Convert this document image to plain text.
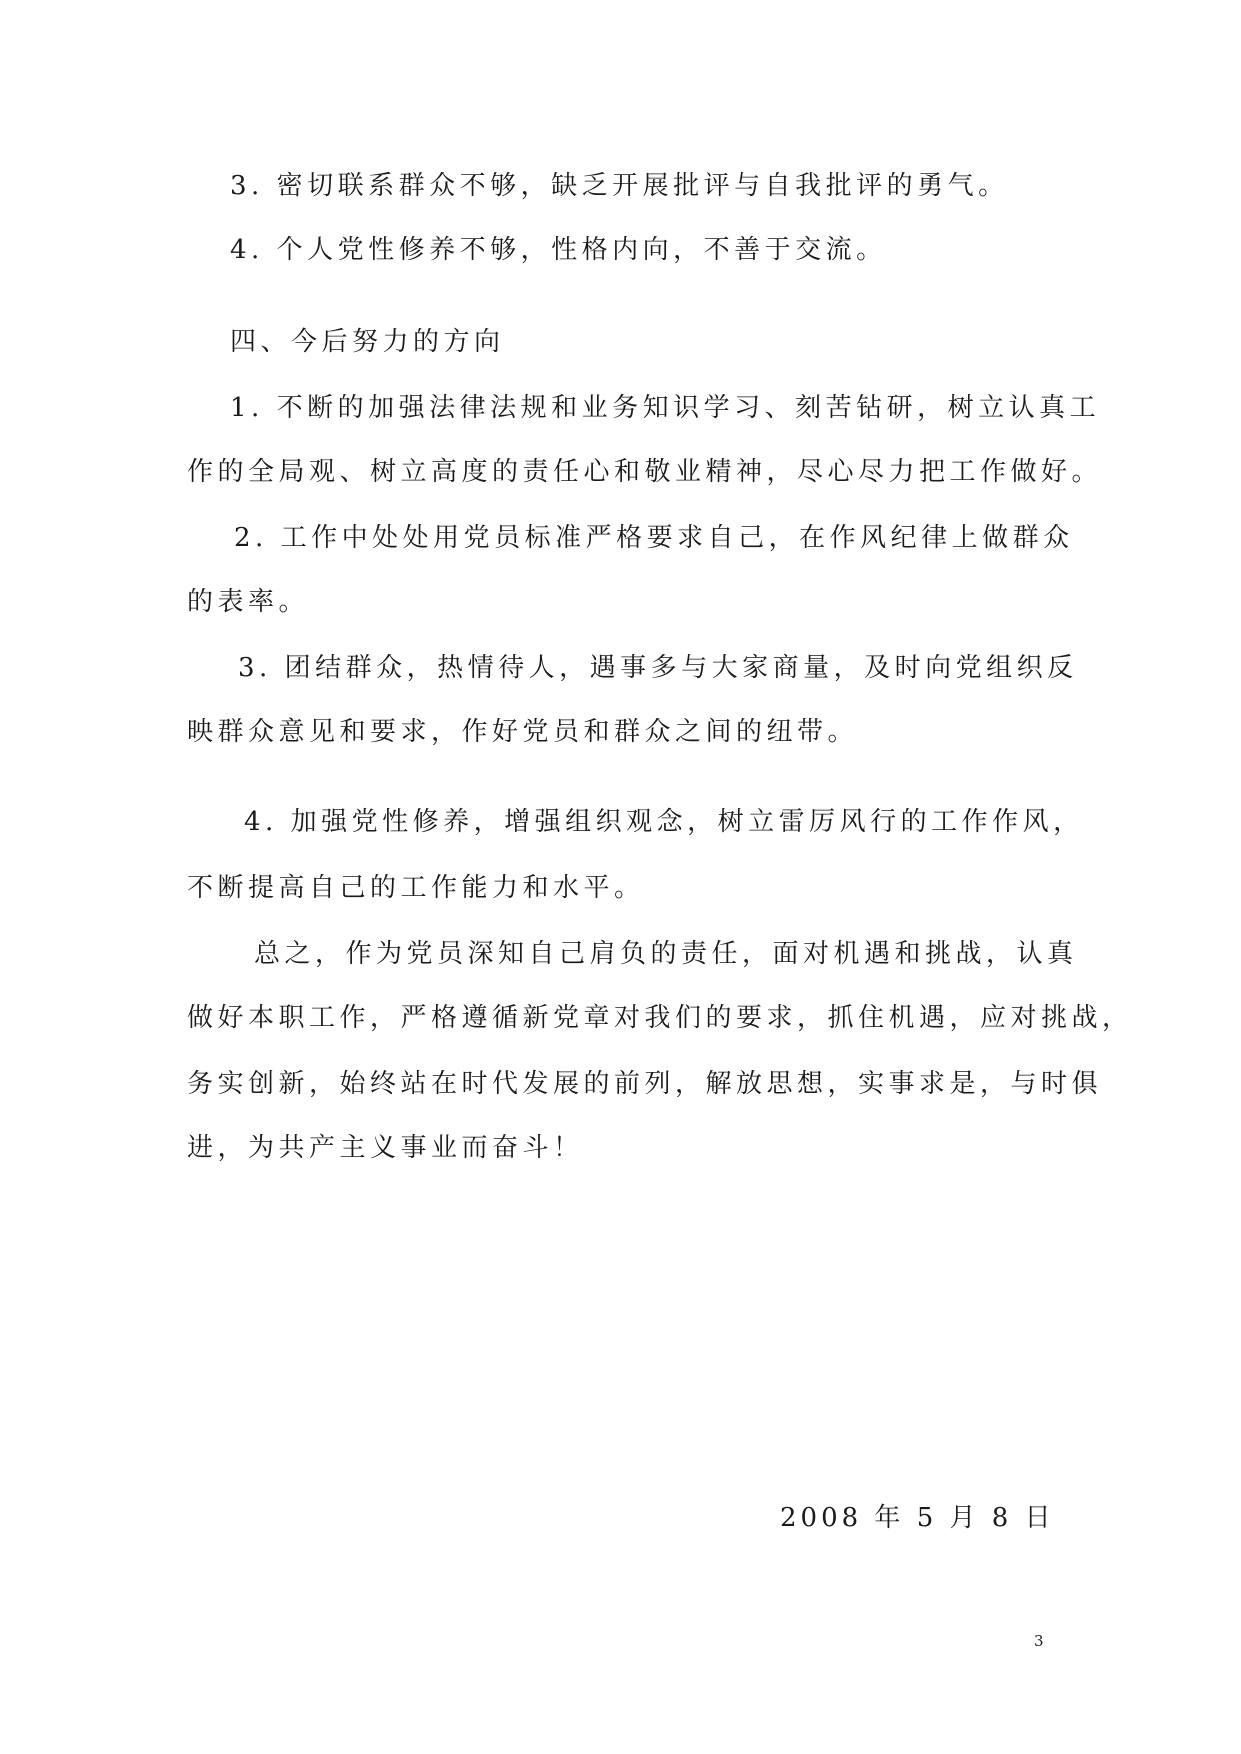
3. 密切联系群众不够，缺乏开展批评与自我批评的勇气。
4. 个人党性修养不够，性格内向，不善于交流。
四、今后努力的方向
1. 不断的加强法律法规和业务知识学习、刻苦钻研，树立认真工
作的全局观、树立高度的责任心和敬业精神，尽心尽力把工作做好。
2. 工作中处处用党员标准严格要求自己，在作风纪律上做群众
的表率。
3. 团结群众，热情待人，遇事多与大家商量，及时向党组织反
映群众意见和要求，作好党员和群众之间的纽带。
4. 加强党性修养，增强组织观念，树立雷厉风行的工作作风，
不断提高自己的工作能力和水平。
总之，作为党员深知自己肩负的责任，面对机遇和挑战，认真
做好本职工作，严格遵循新党章对我们的要求，抓住机遇，应对挑战，
务实创新，始终站在时代发展的前列，解放思想，实事求是，与时俱
进，为共产主义事业而奋斗！
2008 年 5 月 8 日
3
